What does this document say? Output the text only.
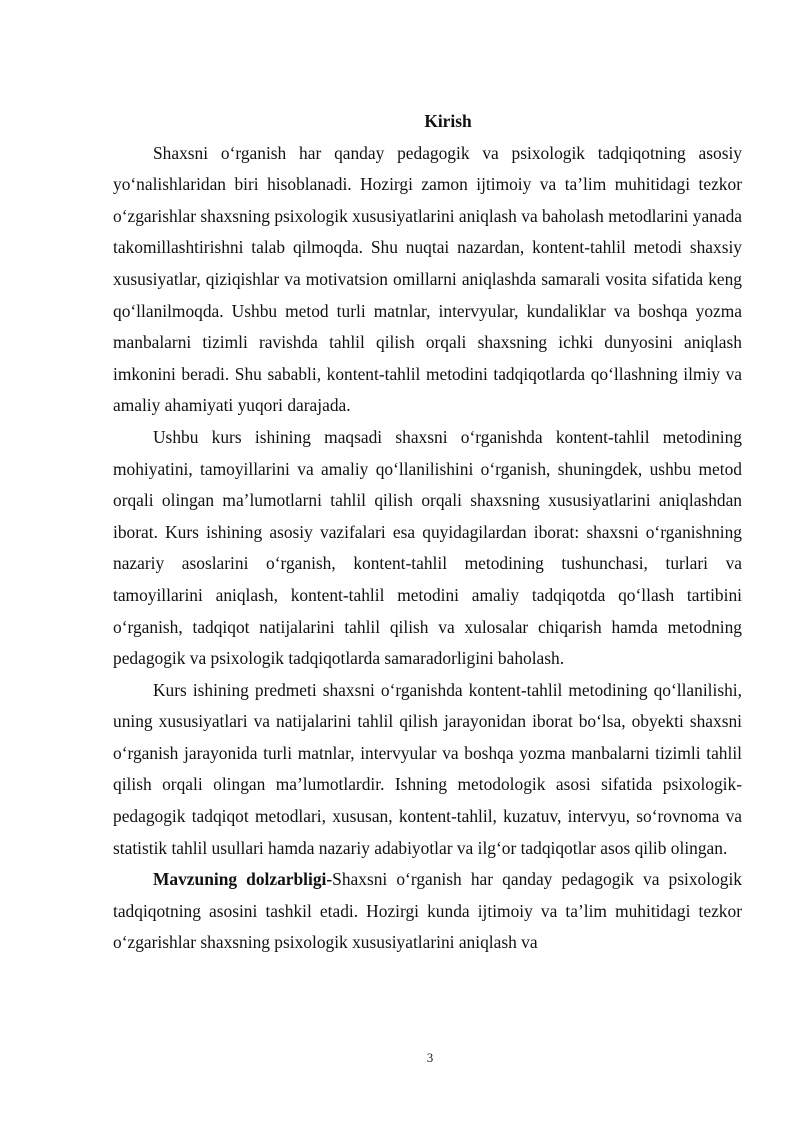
Kirish

Shaxsni o‘rganish har qanday pedagogik va psixologik tadqiqotning asosiy yo‘nalishlaridan biri hisoblanadi. Hozirgi zamon ijtimoiy va ta’lim muhitidagi tezkor o‘zgarishlar shaxsning psixologik xususiyatlarini aniqlash va baholash metodlarini yanada takomillashtirishni talab qilmoqda. Shu nuqtai nazardan, kontent-tahlil metodi shaxsiy xususiyatlar, qiziqishlar va motivatsion omillarni aniqlashda samarali vosita sifatida keng qo‘llanilmoqda. Ushbu metod turli matnlar, intervyular, kundaliklar va boshqa yozma manbalarni tizimli ravishda tahlil qilish orqali shaxsning ichki dunyosini aniqlash imkonini beradi. Shu sababli, kontent-tahlil metodini tadqiqotlarda qo‘llashning ilmiy va amaliy ahamiyati yuqori darajada.

Ushbu kurs ishining maqsadi shaxsni o‘rganishda kontent-tahlil metodining mohiyatini, tamoyillarini va amaliy qo‘llanilishini o‘rganish, shuningdek, ushbu metod orqali olingan ma’lumotlarni tahlil qilish orqali shaxsning xususiyatlarini aniqlashdan iborat. Kurs ishining asosiy vazifalari esa quyidagilardan iborat: shaxsni o‘rganishning nazariy asoslarini o‘rganish, kontent-tahlil metodining tushunchasi, turlari va tamoyillarini aniqlash, kontent-tahlil metodini amaliy tadqiqotda qo‘llash tartibini o‘rganish, tadqiqot natijalarini tahlil qilish va xulosalar chiqarish hamda metodning pedagogik va psixologik tadqiqotlarda samaradorligini baholash.

Kurs ishining predmeti shaxsni o‘rganishda kontent-tahlil metodining qo‘llanilishi, uning xususiyatlari va natijalarini tahlil qilish jarayonidan iborat bo‘lsa, obyekti shaxsni o‘rganish jarayonida turli matnlar, intervyular va boshqa yozma manbalarni tizimli tahlil qilish orqali olingan ma’lumotlardir. Ishning metodologik asosi sifatida psixologik-pedagogik tadqiqot metodlari, xususan, kontent-tahlil, kuzatuv, intervyu, so‘rovnoma va statistik tahlil usullari hamda nazariy adabiyotlar va ilg‘or tadqiqotlar asos qilib olingan.

Mavzuning dolzarbligi-Shaxsni o‘rganish har qanday pedagogik va psixologik tadqiqotning asosini tashkil etadi. Hozirgi kunda ijtimoiy va ta’lim muhitidagi tezkor o‘zgarishlar shaxsning psixologik xususiyatlarini aniqlash va

3
